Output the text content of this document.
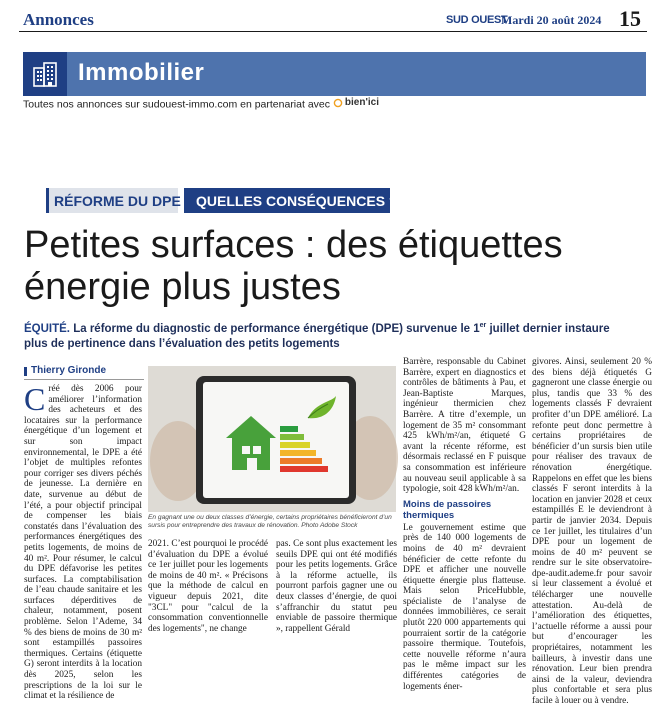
Annonces	SUD OUEST
Mardi 20 août 2024 15
Immobilier
Toutes nos annonces sur sudouest-immo.com en partenariat avec bien'ici
RÉFORME DU DPE	QUELLES CONSÉQUENCES ?
Petites surfaces : des étiquettes énergie plus justes

ÉQUITÉ. La réforme du diagnostic de performance énergétique (DPE) survenue le 1er juillet dernier instaure plus de pertinence dans l’évaluation des petits logements

Thierry Gironde
Créé dès 2006 pour améliorer l’information des acheteurs et des locataires sur la performance énergétique d’un logement et sur son impact environnemental, le DPE a été l’objet de multiples refontes pour corriger ses divers péchés de jeunesse. La dernière en date, survenue au début de l’été, a pour objectif principal de compenser les biais constatés dans l’évaluation des performances énergétiques des petits logements, de moins de 40 m². Pour résumer, le calcul du DPE défavorise les petites surfaces. La comptabilisation de l’eau chaude sanitaire et les surfaces déperditives de chaleur, notamment, posent problème. Selon l’Ademe, 34 % des biens de moins de 30 m² sont estampillés passoires thermiques. Certains (étiquette G) seront interdits à la location dès 2025, selon les prescriptions de la loi sur le climat et la résilience de
En gagnant une ou deux classes d’énergie, certains propriétaires bénéficieront d’un sursis pour entreprendre des travaux de rénovation. Photo Adobe Stock
2021. C’est pourquoi le procédé d’évaluation du DPE a évolué ce 1er juillet pour les logements de moins de 40 m². « Précisons que la méthode de calcul en vigueur depuis 2021, dite "3CL" pour "calcul de la consommation conventionnelle des logements", ne change
pas. Ce sont plus exactement les seuils DPE qui ont été modifiés pour les petits logements. Grâce à la réforme actuelle, ils pourront parfois gagner une ou deux classes d’énergie, de quoi s’affranchir du statut peu enviable de passoire thermique », rappellent Gérald

Barrère, responsable du Cabinet Barrère, expert en diagnostics et contrôles de bâtiments à Pau, et Jean-Baptiste Marques, ingénieur thermicien chez Barrère. A titre d’exemple, un logement de 35 m² consommant 425 kWh/m²/an, étiqueté G avant la récente réforme, est désormais reclassé en F puisque sa consommation est inférieure au nouveau seuil applicable à sa typologie, soit 428 kWh/m²/an.

Moins de passoires thermiques

Le gouvernement estime que près de 140 000 logements de moins de 40 m² devraient bénéficier de cette refonte du DPE et afficher une nouvelle étiquette énergie plus flatteuse. Mais selon PriceHubble, spécialiste de l’analyse de données immobilières, ce serait plutôt 220 000 appartements qui pourraient sortir de la catégorie passoire thermique. Toutefois, cette nouvelle réforme n’aura pas le même impact sur les différentes catégories de logements éner-

givores. Ainsi, seulement 20 % des biens déjà étiquetés G gagneront une classe énergie ou plus, tandis que 33 % des logements classés F devraient profiter d’un DPE amélioré. La refonte peut donc permettre à certains propriétaires de bénéficier d’un sursis bien utile pour réaliser des travaux de rénovation énergétique. Rappelons en effet que les biens classés F seront interdits à la location en janvier 2028 et ceux estampillés E le deviendront à partir de janvier 2034. Depuis ce 1er juillet, les titulaires d’un DPE pour un logement de moins de 40 m² peuvent se rendre sur le site observatoire-dpe-audit.ademe.fr pour savoir si leur classement a évolué et télécharger une nouvelle attestation. Au-delà de l’amélioration des étiquettes, l’actuelle réforme a aussi pour but d’encourager les propriétaires, notamment les bailleurs, à investir dans une rénovation. Leur bien prendra ainsi de la valeur, deviendra plus confortable et sera plus facile à louer ou à vendre.
